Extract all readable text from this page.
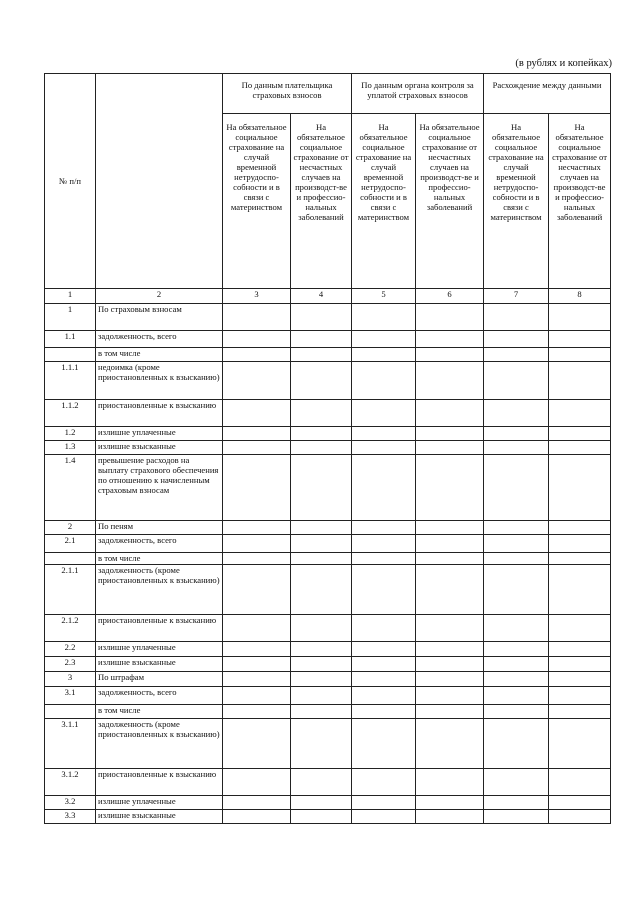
(в рублях и копейках)
№ п/п		По данным плательщика страховых взносов		По данным органа контроля за уплатой страховых взносов		Расхождение между данными	
		На обязательное социальное страхование на случай временной нетрудоспо-собности и в связи с материнством	На обязательное социальное страхование от несчастных случаев на производст-ве и профессио-нальных заболеваний	На обязательное социальное страхование на случай временной нетрудоспо-собности и в связи с материнством	На обязательное социальное страхование от несчастных случаев на производст-ве и профессио-нальных заболеваний	На обязательное социальное страхование на случай временной нетрудоспо-собности и в связи с материнством	На обязательное социальное страхование от несчастных случаев на производст-ве и профессио-нальных заболеваний
1	2	3	4	5	6	7	8
1	По страховым взносам						
1.1	задолженность, всего						
	в том числе						
1.1.1	недоимка (кроме приостановленных к взысканию)						
1.1.2	приостановленные к взысканию						
1.2	излишне уплаченные						
1.3	излишне взысканные						
1.4	превышение расходов на выплату страхового обеспечения по отношению к начисленным страховым взносам						
2	По пеням						
2.1	задолженность, всего						
	в том числе						
2.1.1	задолженность (кроме приостановленных к взысканию)						
2.1.2	приостановленные к взысканию						
2.2	излишне уплаченные						
2.3	излишне взысканные						
3	По штрафам						
3.1	задолженность, всего						
	в том числе						
3.1.1	задолженность (кроме приостановленных к взысканию)						
3.1.2	приостановленные к взысканию						
3.2	излишне уплаченные						
3.3	излишне взысканные						
